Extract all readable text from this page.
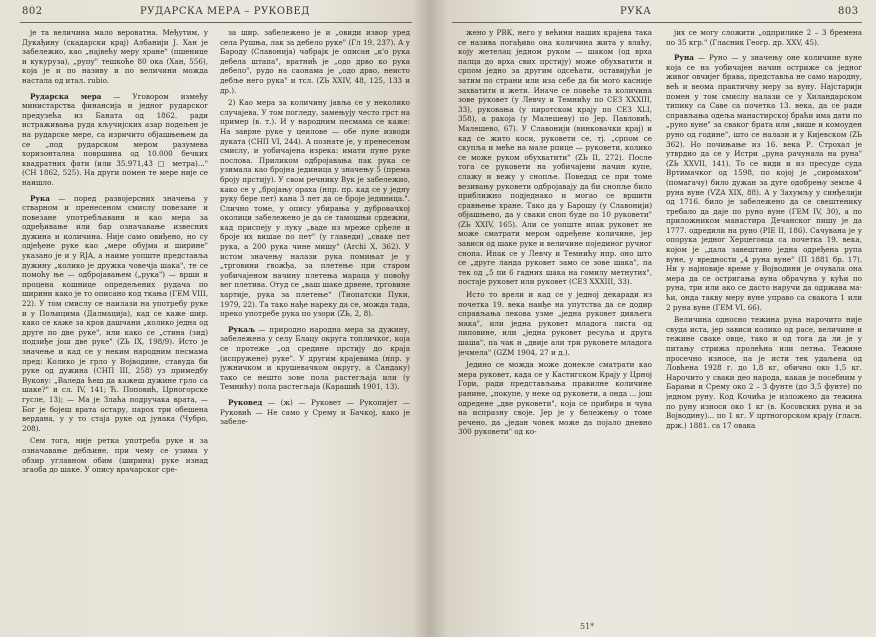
802	РУДАРСКА МЕРА – РУКОВЕД

је та величина мало вероватна. Међутим, у Дукађину (скадарски крај) Албанији Ј. Хан је забележио, као „највећу меру хране" (пшенице и кукуруза), „рупу" тешкоће 80 ока (Хан, 556), која је и по називу и по величини можда настала од итал. rubio.

Рударска мера — Уговором између министарства финансија и једног рударског предузећа из Баната од 1862. ради истраживања руда кључијских азар подељен је на рударске мере, са изричито објашњењем да се „под рударском мером разумева хоризонтална површина од 10.000 бечких квадратних фати (или 35.971,43 □ метра)..." (СН 1862, 525). На други помен те мере није се наишло.

Рука — поред развојерсних значења у стварном и пренесеном смислу повезане и повезане употребљавани и као мера за одређивање или бар означавање извесних дужина и количина. Није само овиђено, но су одјеђене руке као „мере обујма и ширине" указано је и у RJA, а наиме уопште представља дужину „колико је дружка човечја шака", те се помоћу ње — одбројавањем („рука") — врши и процена кошнице опредељених рудача по ширини како је то описано код ткања (ГЕМ VIII, 22). У том смислу се наилази на употребу руке и у Пољицима (Далмација), кад се каже шир. како се каже за кров дашчани „колико једна од друге по две руке", или како се „стина (зид) подзиђе још две руке" (ZЬ IX, 198/9). Исто је значење и кад се у неким народним песмама пред: Колико је грло у Војводине, ставуда би руке од дужина (СНП III, 258) уз примедбу Вукову: „Валеда ћеш да кажеш дужине грло са шаке?" и сл. IV, 141; Ћ. Поповић, Црногорске гусле, 13); — Ма је Злаћа подручака врата, — Бог је бојеш врата остару, парох три обешена вердана, у у то стаја руке од јунака (Чубро, 208).

Сем тога, није ретка употреба руке и за означавање дебљине, при чему се узима у обзир углавном обим (ширина) руке изнад згаоба до шаке. У опису врачарског сре-

за шир. забележено је и „овиди извор уред села Рушња, лак за дебело руке" (Гл 19, 237). А у Бароду (Славонија) чабрајк је описан „к'о рука дебела штапа", вратнић је „одо дрво ко рука дебело", рудо на саонама је „одо дрво, неисто дебље него рука" и тсл. (ZЬ XXIV, 48, 125, 133 и др.).

2) Као мера за количину јавља се у неколико случајева. У том погледу, замењују често грст на пример (в. т.). И у народним песмама се каже: На заврне руке у цеилове — обе пуне изводи дуката (СНП VI, 244). А познате је, у пренесеном смислу, и уобичајена изрека: имати пуне руке послова. Приликом одбројавања пак рука се узимала као бројна јединица у значењу 5 (према броју прстију). У свом речнику Вук је забележио, како се у „бројању ораха (нпр. пр. кад се у једну руку бере пет) кана 3 пет да се броје јединица.". Слично томе, у опису убирања у дубровачкој околици забележено је да се тамошњи срдежни, кад приспеју у луку „ваде из мреже срђеле и броје их вишае по пет" (у главеди) „сваке пет рука, а 200 рука чине мишу" (Archi X, 362). У истом значењу налази рука помињат је у „трговини гвожђа, за плетење при старом уобичајеном начину плетења мараца у повођу вег плетива. Отуд се „ваш шаке дрвене, трговине хартије, рука за плетење“ (Тиопатски Пуки, 1979, 22). Та тако нађе нареку да се, можда тада, преко употребе рука по узори (ZЬ, 2, 8).

Рукаљ — природно народна мера за дужину, забележена у селу Блацу округа топличког, која се протеже „од средине прстију до краја (испружене) руке". У другим крајевима (нпр. у јужничком и крушевачком округу, а Сандаку) тако се нешто зове пола растегљаја или (у Темнићу) пола растегљаја (Карашић 1901, 13).

Руковед — (ж) — Руковет — Рукопијет — Руковић — Не само у Срему и Бачкој, како је забеле-

РУКА	803

жено у РВК, него у већини наших крајева така се назива погађиво она количина жита у влаћу, коју жетелац једном руком — шаком (од врха палца до врха свих прстију) може обухватити и српом једно за другим одсећати, оставијући је затим по страни или иза себе да би мого касније захватити и жети. Иначе се повеће та количина зове руковет (у Левчу и Темнићу по СЕЗ XXXIII, 33), руковања (у пиротском крају по СЕЗ XLI, 358), а ракоја (у Малешеву) по Јер. Павловић, Малешево, 67). У Славонији (винковачки крај) и кад се жито коси, руковети се, тј. „српом се скупља и меће на мале рпице — руковети, колико се може руком обухватити" (ZЬ II, 272). После тога се руковети на уобичајени начин купе, слажу и вежу у снопље. Поведад се при томе везивању руковети одбројавају да би снопље било приближно подједнако и могао се вршити сравњење хране. Тако да у Барошу (у Славонији) објашњено, да у сваки сноп буде по 10 руковети" (ZЬ XXIV, 165). Али се уопште ипак руковет не може сматрати мером одређене количине, јер зависи од шаке руке и величине појединог ручног снопа. Ипак се у Левчу и Темнићу нпр. оно што се „друге ланда руковет замо се зове шака", па тек од „5 пи 6 гадних шака на гомилу метнутих", постаје руковет или руковет (СЕЗ XXXIII, 33).

Исто то врели и кад се у једној декаради из почетка 19. века наиђе на упутства да се додир справљања лекова узме „једна руковет дивљега мака", или једна руковет младога листа од липовине, или „једна руковет ресуља и друга шаша", па чак и „двије али три руковете младога јечмела" (GZM 1904, 27 и д.).

Једино се можда може донекле сматрати као мера руковет, када се у Кастигском Крају у Црној Гори, ради представљања правилне количине ранине, „покупе, у неке од руковети, а онда ... још одредене „две руковети", која се прибира и чува на испразну своје. Јер је у бележењу о томе речено, да „један човек може да појало дневно 300 руковети" од ко-

јих се могу сложити „одприлике 2 – 3 бремена по 35 кгр." (Гласник Геогр. др. XXV, 45).

Руна — Руно — у значењу оне количине вуне која се на уобичајен начин остриже са једног живог овчијег брава, представља не само народну, већ и веома практичну меру за вуну. Најстарији помен у том смислу налази се у Хиландарском типику са Саве са почетка 13. века, да се ради справљања одеља манастирској браћи има дати по „руно вуне" за сваког брата или „више и комоуден руно од године", што се налази и у Кијевском (ZЬ 362). Но почињање из 16. века Р. Строхал је утврдио да се у Истри „руна рачунала на руна" (ZЬ XXVII, 141). То се види и из пресуде суда Вртимачког од 1598, по којој је „сиромахом" (помагачу) било дужан за дуге одобрењу земље 4 руна вуне (VZA XIX, 88). А у Захумљу у синђелији од 1716. било је забележено да се свештенику требало да даје по руно вуне (ГЕМ IV, 30), а по приложником манастира Дечанског пишу је да 1777. одредили на руно (PIE II, 186). Сачувана је у опорука једног Херцеговца са почетка 19. века, којом је „дала завештано једна одређена рупа вуне, у вредности „4 руна вуне" (П 1881 бр. 17). Ни у најновије време у Војводини је очувала она мера да се остригања вуна обрачуна у кући по руна, три или ако се дасто наручи да одржава ма-ћи, онда такву меру вуне управо са свакога 1 или 2 руна вуне (ГЕМ VI, 66).

Величина односно тежина руна нарочито није свуда иста, јер зависи колико од расе, величине и тежине сваке овце, тако и од тога да ли је у питању стрижа пролећна или летња. Тежине просечно износе, па је исти тек удаљена од Ловћена 1928 г. до 1,8 кг, обично око 1,5 кг. Нарочито у сваки део народа, какав је посебним у Барањи и Срему око 2 – 3 фунте (до 3,5 фунте) по једном руну. Код Кочића је изложено да тежина по руну износи око 1 кг (в. Косовских руна и за Војводину)... по 1 кг. У цртногорском крају (гласн. држ.) 1881. са 17 овака

51*
